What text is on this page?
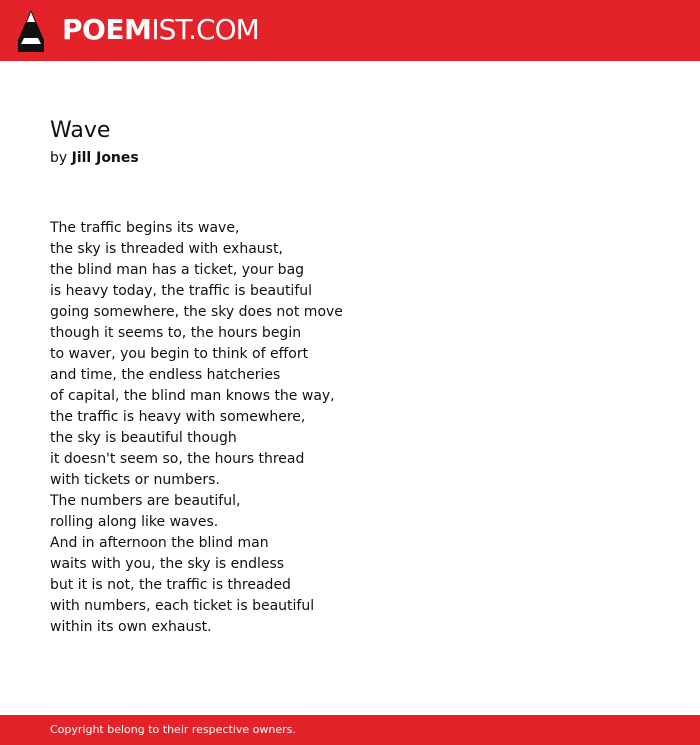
POEMIST.COM
Wave
by Jill Jones
The traffic begins its wave,
the sky is threaded with exhaust,
the blind man has a ticket, your bag
is heavy today, the traffic is beautiful
going somewhere, the sky does not move
though it seems to, the hours begin
to waver, you begin to think of effort
and time, the endless hatcheries
of capital, the blind man knows the way,
the traffic is heavy with somewhere,
the sky is beautiful though
it doesn't seem so, the hours thread
with tickets or numbers.
The numbers are beautiful,
rolling along like waves.
And in afternoon the blind man
waits with you, the sky is endless
but it is not, the traffic is threaded
with numbers, each ticket is beautiful
within its own exhaust.
Copyright belong to their respective owners.
